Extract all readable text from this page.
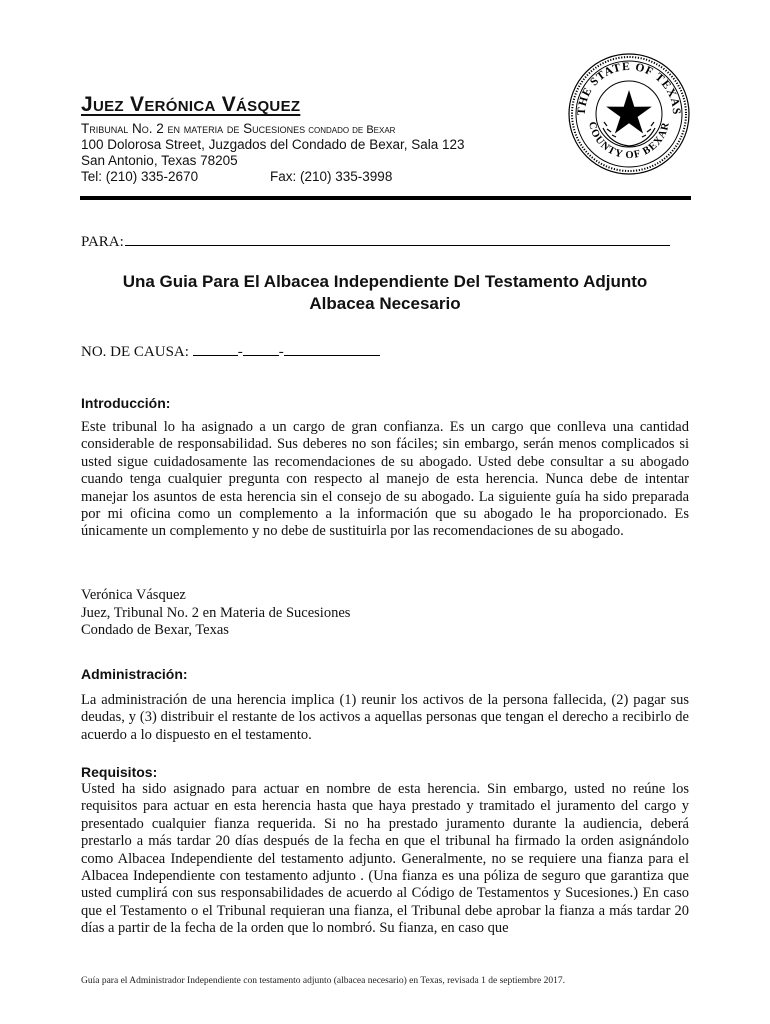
Juez Verónica Vásquez
Tribunal No. 2 en materia de Sucesiones condado de Bexar
100 Dolorosa Street, Juzgados del Condado de Bexar, Sala 123
San Antonio, Texas 78205
Tel: (210) 335-2670	Fax: (210) 335-3998
THE STATE OF TEXAS
COUNTY OF BEXAR
PARA:
Una Guia Para El Albacea Independiente Del Testamento Adjunto
Albacea Necesario
NO. DE CAUSA:	- -
Introducción:
Este tribunal lo ha asignado a un cargo de gran confianza. Es un cargo que conlleva una cantidad considerable de responsabilidad. Sus deberes no son fáciles; sin embargo, serán menos complicados si usted sigue cuidadosamente las recomendaciones de su abogado. Usted debe consultar a su abogado cuando tenga cualquier pregunta con respecto al manejo de esta herencia. Nunca debe de intentar manejar los asuntos de esta herencia sin el consejo de su abogado. La siguiente guía ha sido preparada por mi oficina como un complemento a la información que su abogado le ha proporcionado. Es únicamente un complemento y no debe de sustituirla por las recomendaciones de su abogado.
Verónica Vásquez
Juez, Tribunal No. 2 en Materia de Sucesiones
Condado de Bexar, Texas
Administración:
La administración de una herencia implica (1) reunir los activos de la persona fallecida, (2) pagar sus deudas, y (3) distribuir el restante de los activos a aquellas personas que tengan el derecho a recibirlo de acuerdo a lo dispuesto en el testamento.
Requisitos:
Usted ha sido asignado para actuar en nombre de esta herencia. Sin embargo, usted no reúne los requisitos para actuar en esta herencia hasta que haya prestado y tramitado el juramento del cargo y presentado cualquier fianza requerida. Si no ha prestado juramento durante la audiencia, deberá prestarlo a más tardar 20 días después de la fecha en que el tribunal ha firmado la orden asignándolo como Albacea Independiente del testamento adjunto. Generalmente, no se requiere una fianza para el Albacea Independiente con testamento adjunto . (Una fianza es una póliza de seguro que garantiza que usted cumplirá con sus responsabilidades de acuerdo al Código de Testamentos y Sucesiones.) En caso que el Testamento o el Tribunal requieran una fianza, el Tribunal debe aprobar la fianza a más tardar 20 días a partir de la fecha de la orden que lo nombró. Su fianza, en caso que
Guía para el Administrador Independiente con testamento adjunto (albacea necesario) en Texas, revisada 1 de septiembre 2017.
